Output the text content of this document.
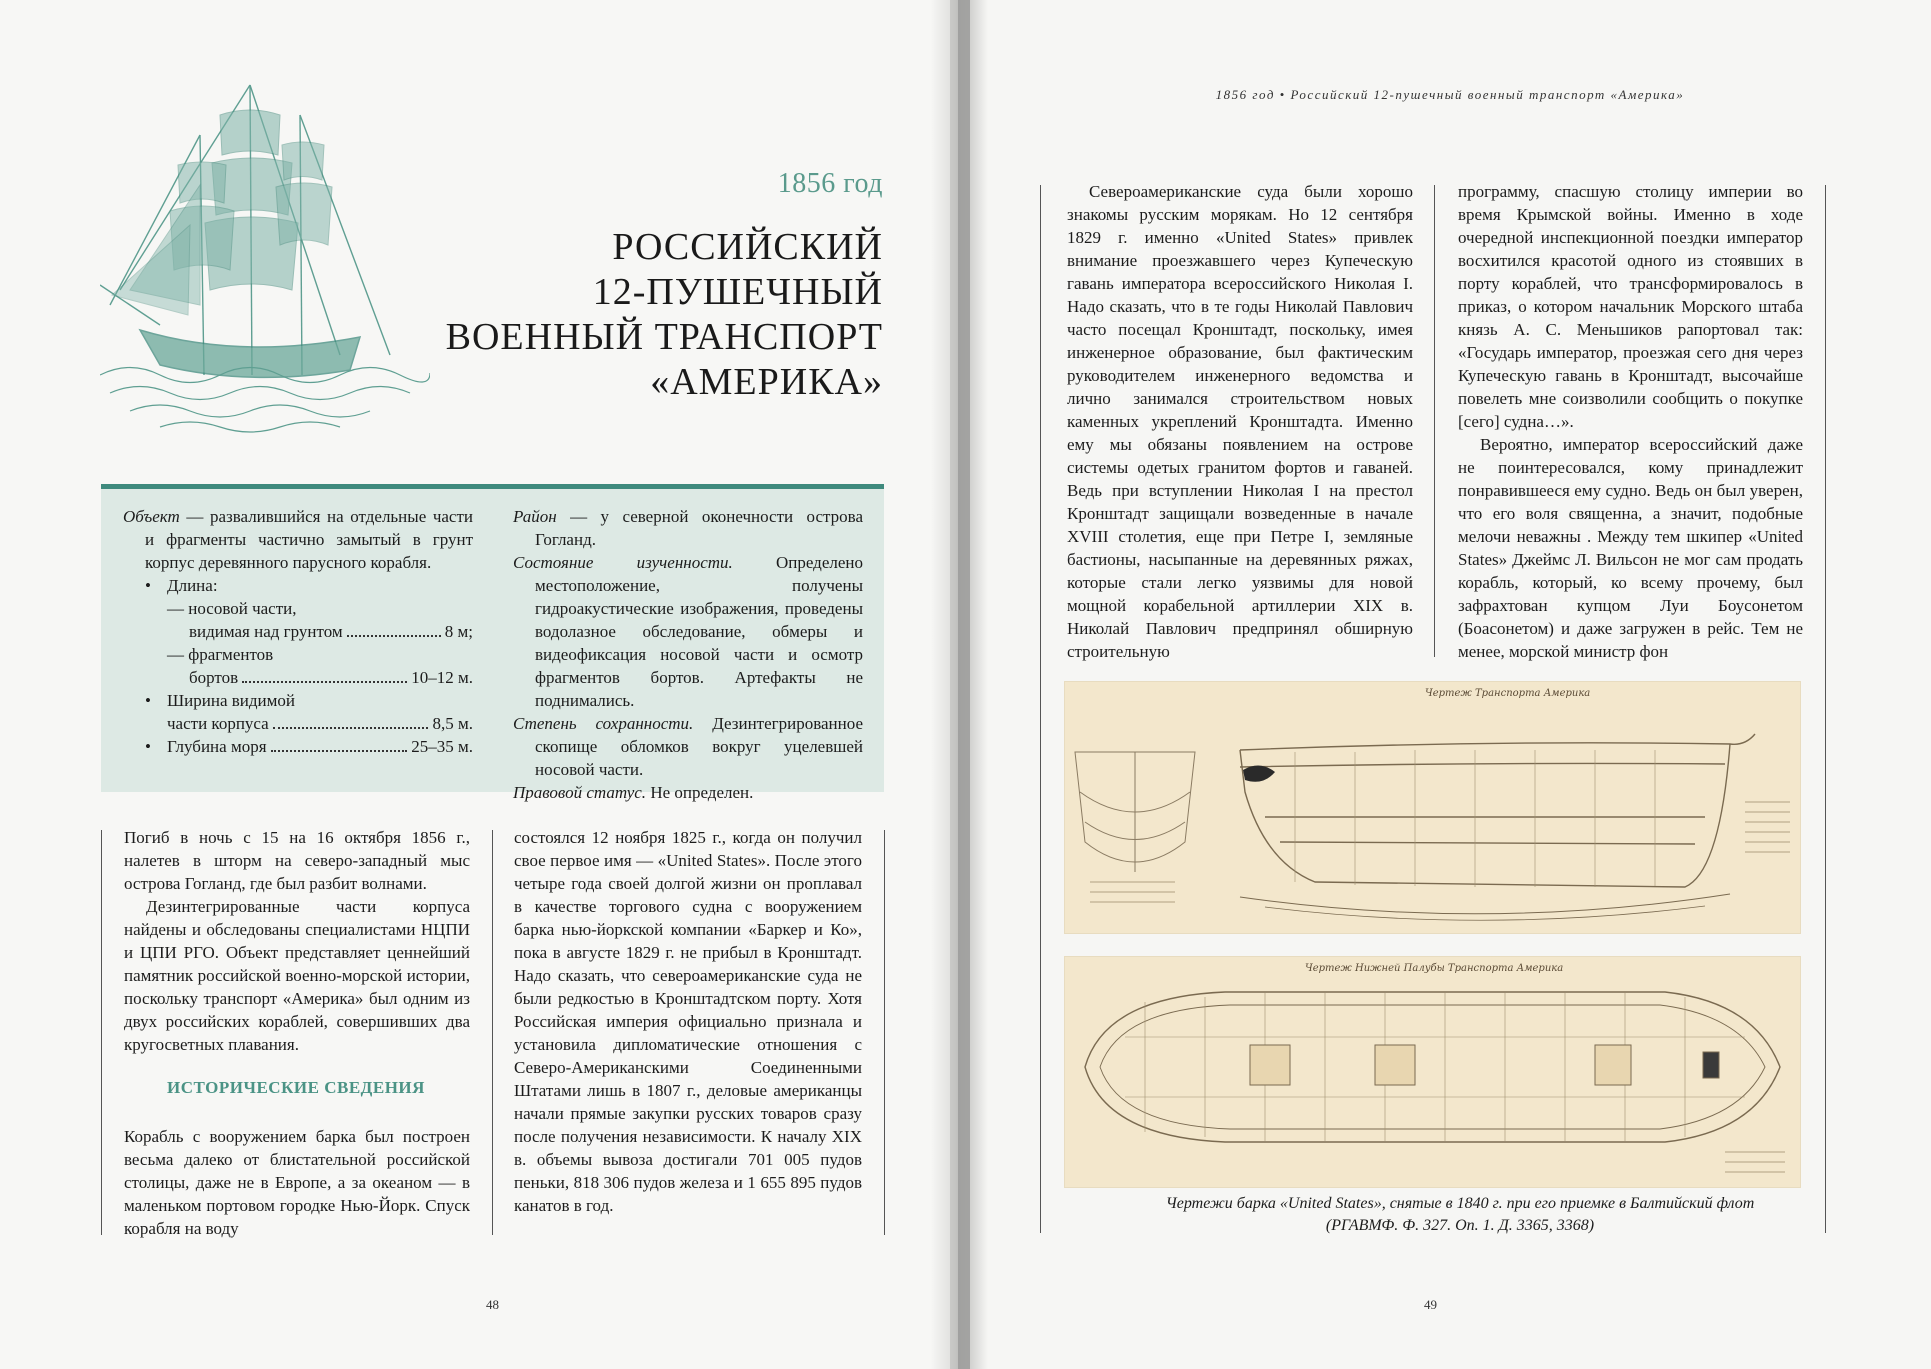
1856 год
РОССИЙСКИЙ
12-ПУШЕЧНЫЙ
ВОЕННЫЙ ТРАНСПОРТ
«АМЕРИКА»

Объект — развалившийся на отдельные части и фрагменты частично замытый в грунт корпус деревянного парусного корабля.

• Длина:

— носовой части,

видимая над грунтом	8 м;

— фрагментов

бортов	10–12 м.

• Ширина видимой

части корпуса	8,5 м.

• Глубина моря	25–35 м.

Район — у северной оконечности острова Гогланд.

Состояние изученности. Определено местоположение, получены гидроакустические изображения, проведены водолазное обследование, обмеры и видеофиксация носовой части и осмотр фрагментов бортов. Артефакты не поднимались.

Степень сохранности. Дезинтегрированное скопище обломков вокруг уцелевшей носовой части.

Правовой статус. Не определен.

Погиб в ночь с 15 на 16 октября 1856 г., налетев в шторм на северо-западный мыс острова Гогланд, где был разбит волнами.

Дезинтегрированные части корпуса найдены и обследованы специалистами НЦПИ и ЦПИ РГО. Объект представляет ценнейший памятник российской военно-морской истории, поскольку транспорт «Америка» был одним из двух российских кораблей, совершивших два кругосветных плавания.

ИСТОРИЧЕСКИЕ СВЕДЕНИЯ

Корабль с вооружением барка был построен весьма далеко от блистательной российской столицы, даже не в Европе, а за океаном — в маленьком портовом городке Нью-Йорк. Спуск корабля на воду

состоялся 12 ноября 1825 г., когда он получил свое первое имя — «United States». После этого четыре года своей долгой жизни он проплавал в качестве торгового судна с вооружением барка нью-йоркской компании «Баркер и Ко», пока в августе 1829 г. не прибыл в Кронштадт. Надо сказать, что североамериканские суда не были редкостью в Кронштадтском порту. Хотя Российская империя официально признала и установила дипломатические отношения с Северо-Американскими Соединенными Штатами лишь в 1807 г., деловые американцы начали прямые закупки русских товаров сразу после получения независимости. К началу XIX в. объемы вывоза достигали 701 005 пудов пеньки, 818 306 пудов железа и 1 655 895 пудов канатов в год.

48
1856 год • Российский 12-пушечный военный транспорт «Америка»

Североамериканские суда были хорошо знакомы русским морякам. Но 12 сентября 1829 г. именно «United States» привлек внимание проезжавшего через Купеческую гавань императора всероссийского Николая I. Надо сказать, что в те годы Николай Павлович часто посещал Кронштадт, поскольку, имея инженерное образование, был фактическим руководителем инженерного ведомства и лично занимался строительством новых каменных укреплений Кронштадта. Именно ему мы обязаны появлением на острове системы одетых гранитом фортов и гаваней. Ведь при вступлении Николая I на престол Кронштадт защищали возведенные в начале XVIII столетия, еще при Петре I, земляные бастионы, насыпанные на деревянных ряжах, которые стали легко уязвимы для новой мощной корабельной артиллерии XIX в. Николай Павлович предпринял обширную строительную

программу, спасшую столицу империи во время Крымской войны. Именно в ходе очередной инспекционной поездки император восхитился красотой одного из стоявших в порту кораблей, что трансформировалось в приказ, о котором начальник Морского штаба князь А. С. Меньшиков рапортовал так: «Государь император, проезжая сего дня через Купеческую гавань в Кронштадт, высочайше повелеть мне соизволили сообщить о покупке [сего] судна…».

Вероятно, император всероссийский даже не поинтересовался, кому принадлежит понравившееся ему судно. Ведь он был уверен, что его воля священна, а значит, подобные мелочи неважны . Между тем шкипер «United States» Джеймс Л. Вильсон не мог сам продать корабль, который, ко всему прочему, был зафрахтован купцом Луи Боусонетом (Боасонетом) и даже загружен в рейс. Тем не менее, морской министр фон

Чертеж Транспорта Америка
Чертеж Нижней Палубы Транспорта Америка
Чертежи барка «United States», снятые в 1840 г. при его приемке в Балтийский флот
(РГАВМФ. Ф. 327. Оп. 1. Д. 3365, 3368)
49
